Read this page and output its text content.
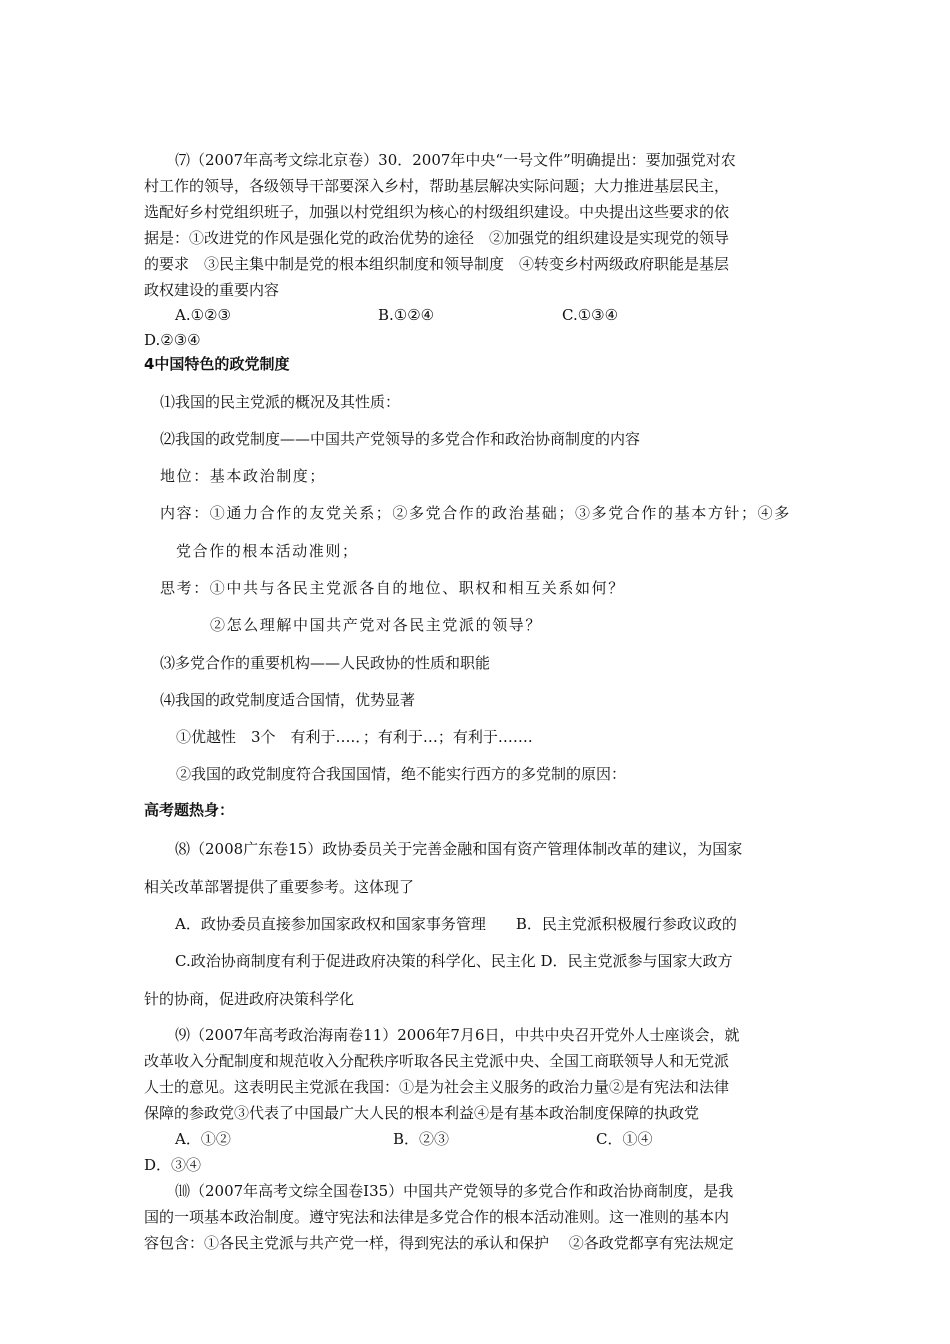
⑺（2007年高考文综北京卷）30．2007年中央“一号文件”明确提出：要加强党对农
村工作的领导，各级领导干部要深入乡村，帮助基层解决实际问题；大力推进基层民主，
选配好乡村党组织班子，加强以村党组织为核心的村级组织建设。中央提出这些要求的依
据是：①改进党的作风是强化党的政治优势的途径　②加强党的组织建设是实现党的领导
的要求　③民主集中制是党的根本组织制度和领导制度　④转变乡村两级政府职能是基层
政权建设的重要内容
A.①②③	B.①②④	C.①③④
D.②③④
4中国特色的政党制度
⑴我国的民主党派的概况及其性质：
⑵我国的政党制度——中国共产党领导的多党合作和政治协商制度的内容
地位：基本政治制度；
内容：①通力合作的友党关系；②多党合作的政治基础；③多党合作的基本方针；④多
党合作的根本活动准则；
思考：①中共与各民主党派各自的地位、职权和相互关系如何？
②怎么理解中国共产党对各民主党派的领导？
⑶多党合作的重要机构——人民政协的性质和职能
⑷我国的政党制度适合国情，优势显著
①优越性　3个　有利于….．；有利于…；有利于…….
②我国的政党制度符合我国国情，绝不能实行西方的多党制的原因：
高考题热身：
⑻（2008广东卷15）政协委员关于完善金融和国有资产管理体制改革的建议，为国家
相关改革部署提供了重要参考。这体现了
A．政协委员直接参加国家政权和国家事务管理　　B．民主党派积极履行参政议政的
C.政治协商制度有利于促进政府决策的科学化、民主化 D．民主党派参与国家大政方
针的协商，促进政府决策科学化
⑼（2007年高考政治海南卷11）2006年7月6日，中共中央召开党外人士座谈会，就
改革收入分配制度和规范收入分配秩序听取各民主党派中央、全国工商联领导人和无党派
人士的意见。这表明民主党派在我国：①是为社会主义服务的政治力量②是有宪法和法律
保障的参政党③代表了中国最广大人民的根本利益④是有基本政治制度保障的执政党
A．①②	B．②③	C．①④
D．③④
⑽（2007年高考文综全国卷Ⅰ35）中国共产党领导的多党合作和政治协商制度，是我
国的一项基本政治制度。遵守宪法和法律是多党合作的根本活动准则。这一准则的基本内
容包含：①各民主党派与共产党一样，得到宪法的承认和保护　 ②各政党都享有宪法规定
